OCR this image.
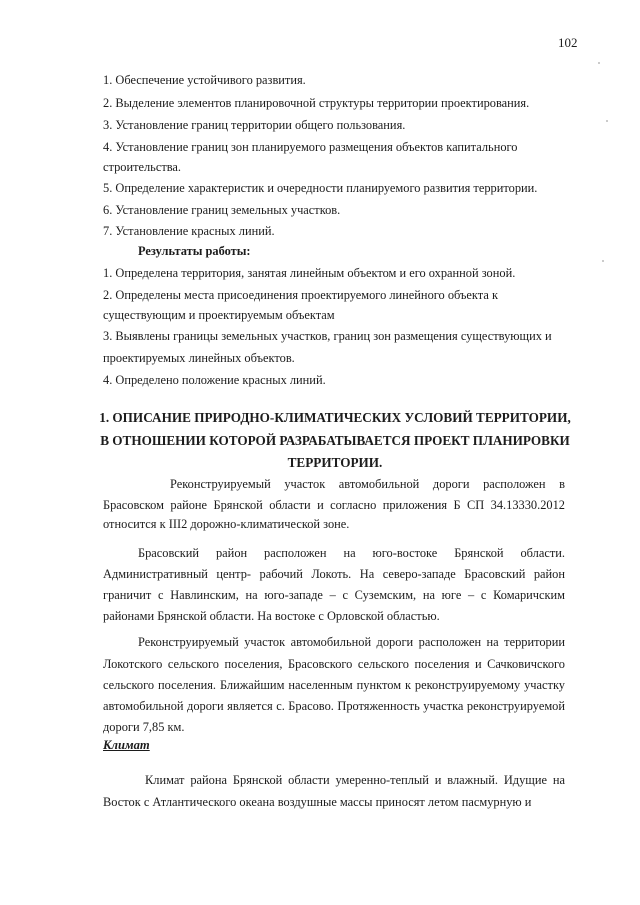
102
1. Обеспечение устойчивого развития.
2. Выделение элементов планировочной структуры территории проектирования.
3. Установление границ территории общего пользования.
4. Установление границ зон планируемого размещения объектов капитального
строительства.
5. Определение характеристик и очередности планируемого развития территории.
6. Установление границ земельных участков.
7. Установление красных линий.
Результаты работы:
1. Определена территория, занятая линейным объектом и его охранной зоной.
2. Определены места присоединения проектируемого линейного объекта к
существующим и проектируемым объектам
3. Выявлены границы земельных участков, границ зон размещения существующих и
проектируемых линейных объектов.
4. Определено положение красных линий.
1. ОПИСАНИЕ ПРИРОДНО-КЛИМАТИЧЕСКИХ УСЛОВИЙ ТЕРРИТОРИИ,
В ОТНОШЕНИИ КОТОРОЙ РАЗРАБАТЫВАЕТСЯ ПРОЕКТ ПЛАНИРОВКИ
ТЕРРИТОРИИ.
Реконструируемый участок автомобильной дороги расположен в
Брасовском районе Брянской области и согласно приложения Б СП 34.13330.2012
относится к III2 дорожно-климатической зоне.
Брасовский район расположен на юго-востоке Брянской области.
Административный центр- рабочий Локоть. На северо-западе Брасовский район
граничит с Навлинским, на юго-западе – с Суземским, на юге – с Комаричским
районами Брянской области. На востоке с Орловской областью.
Реконструируемый участок автомобильной дороги расположен на территории
Локотского сельского поселения, Брасовского сельского поселения и Сачковичского
сельского поселения. Ближайшим населенным пунктом к реконструируемому участку
автомобильной дороги является с. Брасово. Протяженность участка реконструируемой
дороги 7,85 км.
Климат
Климат района Брянской области умеренно-теплый и влажный. Идущие на
Восток с Атлантического океана воздушные массы приносят летом пасмурную и
